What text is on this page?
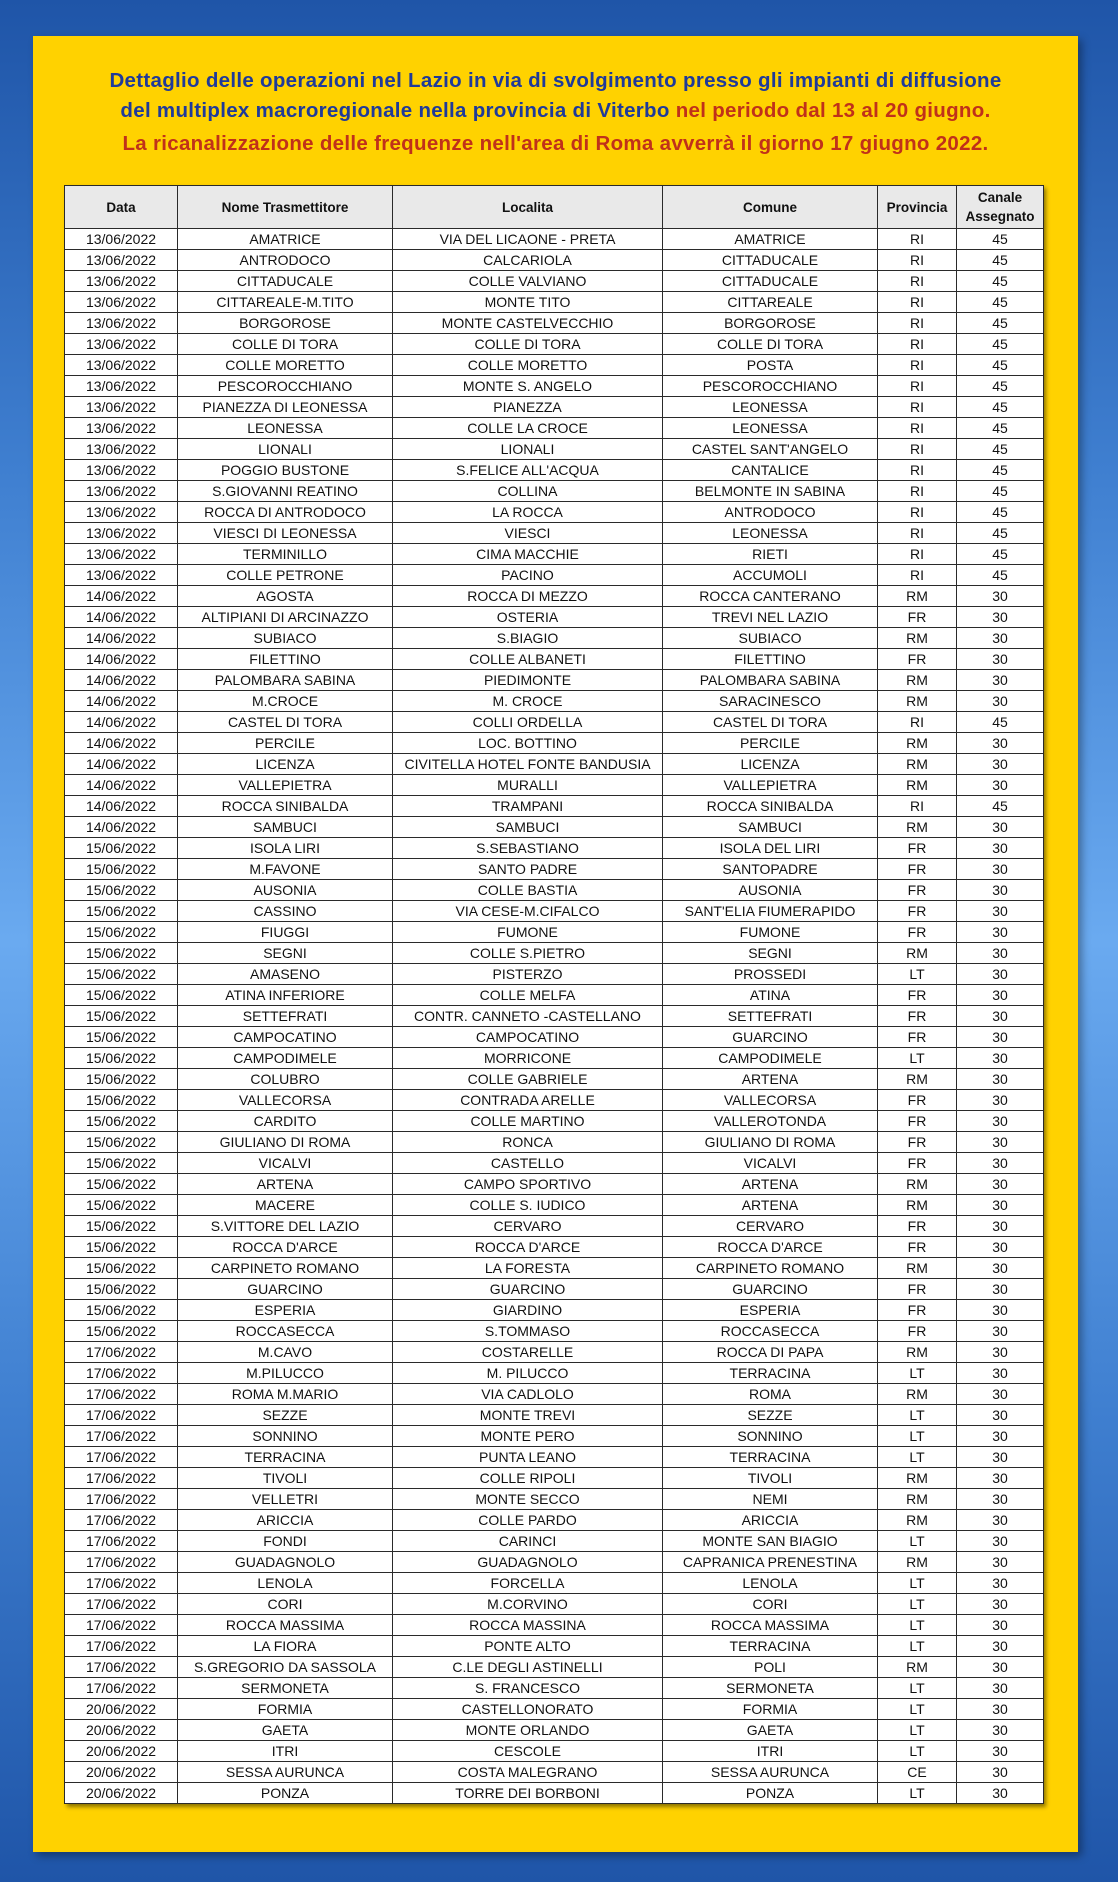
Dettaglio delle operazioni nel Lazio in via di svolgimento presso gli impianti di diffusione
del multiplex macroregionale nella provincia di Viterbo nel periodo dal 13 al 20 giugno.
La ricanalizzazione delle frequenze nell'area di Roma avverrà il giorno 17 giugno 2022.
Data	Nome Trasmettitore	Localita	Comune	Provincia	Canale Assegnato
13/06/2022	AMATRICE	VIA DEL LICAONE - PRETA	AMATRICE	RI	45
13/06/2022	ANTRODOCO	CALCARIOLA	CITTADUCALE	RI	45
13/06/2022	CITTADUCALE	COLLE VALVIANO	CITTADUCALE	RI	45
13/06/2022	CITTAREALE-M.TITO	MONTE TITO	CITTAREALE	RI	45
13/06/2022	BORGOROSE	MONTE CASTELVECCHIO	BORGOROSE	RI	45
13/06/2022	COLLE DI TORA	COLLE DI TORA	COLLE DI TORA	RI	45
13/06/2022	COLLE MORETTO	COLLE MORETTO	POSTA	RI	45
13/06/2022	PESCOROCCHIANO	MONTE S. ANGELO	PESCOROCCHIANO	RI	45
13/06/2022	PIANEZZA DI LEONESSA	PIANEZZA	LEONESSA	RI	45
13/06/2022	LEONESSA	COLLE LA CROCE	LEONESSA	RI	45
13/06/2022	LIONALI	LIONALI	CASTEL SANT'ANGELO	RI	45
13/06/2022	POGGIO BUSTONE	S.FELICE ALL'ACQUA	CANTALICE	RI	45
13/06/2022	S.GIOVANNI REATINO	COLLINA	BELMONTE IN SABINA	RI	45
13/06/2022	ROCCA DI ANTRODOCO	LA ROCCA	ANTRODOCO	RI	45
13/06/2022	VIESCI DI LEONESSA	VIESCI	LEONESSA	RI	45
13/06/2022	TERMINILLO	CIMA MACCHIE	RIETI	RI	45
13/06/2022	COLLE PETRONE	PACINO	ACCUMOLI	RI	45
14/06/2022	AGOSTA	ROCCA DI MEZZO	ROCCA CANTERANO	RM	30
14/06/2022	ALTIPIANI DI ARCINAZZO	OSTERIA	TREVI NEL LAZIO	FR	30
14/06/2022	SUBIACO	S.BIAGIO	SUBIACO	RM	30
14/06/2022	FILETTINO	COLLE ALBANETI	FILETTINO	FR	30
14/06/2022	PALOMBARA SABINA	PIEDIMONTE	PALOMBARA SABINA	RM	30
14/06/2022	M.CROCE	M. CROCE	SARACINESCO	RM	30
14/06/2022	CASTEL DI TORA	COLLI ORDELLA	CASTEL DI TORA	RI	45
14/06/2022	PERCILE	LOC. BOTTINO	PERCILE	RM	30
14/06/2022	LICENZA	CIVITELLA HOTEL FONTE BANDUSIA	LICENZA	RM	30
14/06/2022	VALLEPIETRA	MURALLI	VALLEPIETRA	RM	30
14/06/2022	ROCCA SINIBALDA	TRAMPANI	ROCCA SINIBALDA	RI	45
14/06/2022	SAMBUCI	SAMBUCI	SAMBUCI	RM	30
15/06/2022	ISOLA LIRI	S.SEBASTIANO	ISOLA DEL LIRI	FR	30
15/06/2022	M.FAVONE	SANTO PADRE	SANTOPADRE	FR	30
15/06/2022	AUSONIA	COLLE BASTIA	AUSONIA	FR	30
15/06/2022	CASSINO	VIA CESE-M.CIFALCO	SANT'ELIA FIUMERAPIDO	FR	30
15/06/2022	FIUGGI	FUMONE	FUMONE	FR	30
15/06/2022	SEGNI	COLLE S.PIETRO	SEGNI	RM	30
15/06/2022	AMASENO	PISTERZO	PROSSEDI	LT	30
15/06/2022	ATINA INFERIORE	COLLE MELFA	ATINA	FR	30
15/06/2022	SETTEFRATI	CONTR. CANNETO -CASTELLANO	SETTEFRATI	FR	30
15/06/2022	CAMPOCATINO	CAMPOCATINO	GUARCINO	FR	30
15/06/2022	CAMPODIMELE	MORRICONE	CAMPODIMELE	LT	30
15/06/2022	COLUBRO	COLLE GABRIELE	ARTENA	RM	30
15/06/2022	VALLECORSA	CONTRADA ARELLE	VALLECORSA	FR	30
15/06/2022	CARDITO	COLLE MARTINO	VALLEROTONDA	FR	30
15/06/2022	GIULIANO DI ROMA	RONCA	GIULIANO DI ROMA	FR	30
15/06/2022	VICALVI	CASTELLO	VICALVI	FR	30
15/06/2022	ARTENA	CAMPO SPORTIVO	ARTENA	RM	30
15/06/2022	MACERE	COLLE S. IUDICO	ARTENA	RM	30
15/06/2022	S.VITTORE DEL LAZIO	CERVARO	CERVARO	FR	30
15/06/2022	ROCCA D'ARCE	ROCCA D'ARCE	ROCCA D'ARCE	FR	30
15/06/2022	CARPINETO ROMANO	LA FORESTA	CARPINETO ROMANO	RM	30
15/06/2022	GUARCINO	GUARCINO	GUARCINO	FR	30
15/06/2022	ESPERIA	GIARDINO	ESPERIA	FR	30
15/06/2022	ROCCASECCA	S.TOMMASO	ROCCASECCA	FR	30
17/06/2022	M.CAVO	COSTARELLE	ROCCA DI PAPA	RM	30
17/06/2022	M.PILUCCO	M. PILUCCO	TERRACINA	LT	30
17/06/2022	ROMA M.MARIO	VIA CADLOLO	ROMA	RM	30
17/06/2022	SEZZE	MONTE TREVI	SEZZE	LT	30
17/06/2022	SONNINO	MONTE PERO	SONNINO	LT	30
17/06/2022	TERRACINA	PUNTA LEANO	TERRACINA	LT	30
17/06/2022	TIVOLI	COLLE RIPOLI	TIVOLI	RM	30
17/06/2022	VELLETRI	MONTE SECCO	NEMI	RM	30
17/06/2022	ARICCIA	COLLE PARDO	ARICCIA	RM	30
17/06/2022	FONDI	CARINCI	MONTE SAN BIAGIO	LT	30
17/06/2022	GUADAGNOLO	GUADAGNOLO	CAPRANICA PRENESTINA	RM	30
17/06/2022	LENOLA	FORCELLA	LENOLA	LT	30
17/06/2022	CORI	M.CORVINO	CORI	LT	30
17/06/2022	ROCCA MASSIMA	ROCCA MASSINA	ROCCA MASSIMA	LT	30
17/06/2022	LA FIORA	PONTE ALTO	TERRACINA	LT	30
17/06/2022	S.GREGORIO DA SASSOLA	C.LE DEGLI ASTINELLI	POLI	RM	30
17/06/2022	SERMONETA	S. FRANCESCO	SERMONETA	LT	30
20/06/2022	FORMIA	CASTELLONORATO	FORMIA	LT	30
20/06/2022	GAETA	MONTE ORLANDO	GAETA	LT	30
20/06/2022	ITRI	CESCOLE	ITRI	LT	30
20/06/2022	SESSA AURUNCA	COSTA MALEGRANO	SESSA AURUNCA	CE	30
20/06/2022	PONZA	TORRE DEI BORBONI	PONZA	LT	30
